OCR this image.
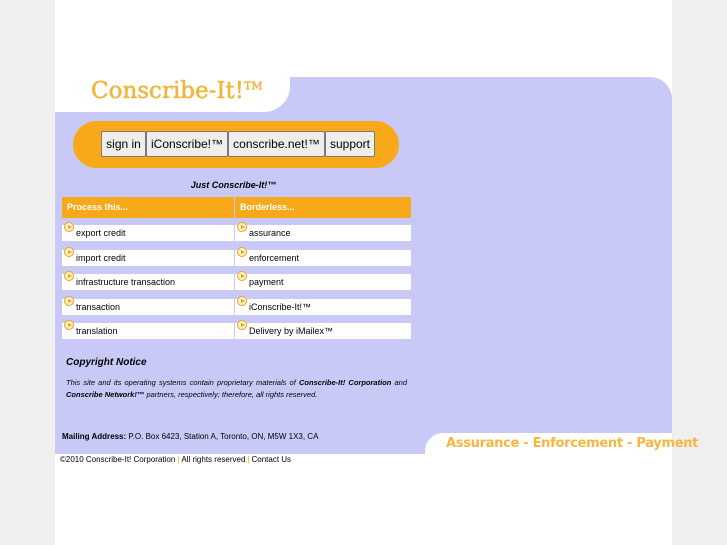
Conscribe-It!™
sign in iConscribe!™ conscribe.net!™ support
Just Conscribe-It!™
Process this...	Borderless...
export credit
import credit
infrastructure transaction
transaction
translation
assurance
enforcement
payment
iConscribe-It!™
Delivery by iMailex™
Copyright Notice
This site and its operating systems contain proprietary materials of Conscribe-It! Corporation and Conscribe Network!™ partners, respectively; therefore, all rights reserved.
Mailing Address: P.O. Box 6423, Station A, Toronto, ON, M5W 1X3, CA	Assurance - Enforcement - Payment
©2010 Conscribe-It! Corporation | All rights reserved | Contact Us
